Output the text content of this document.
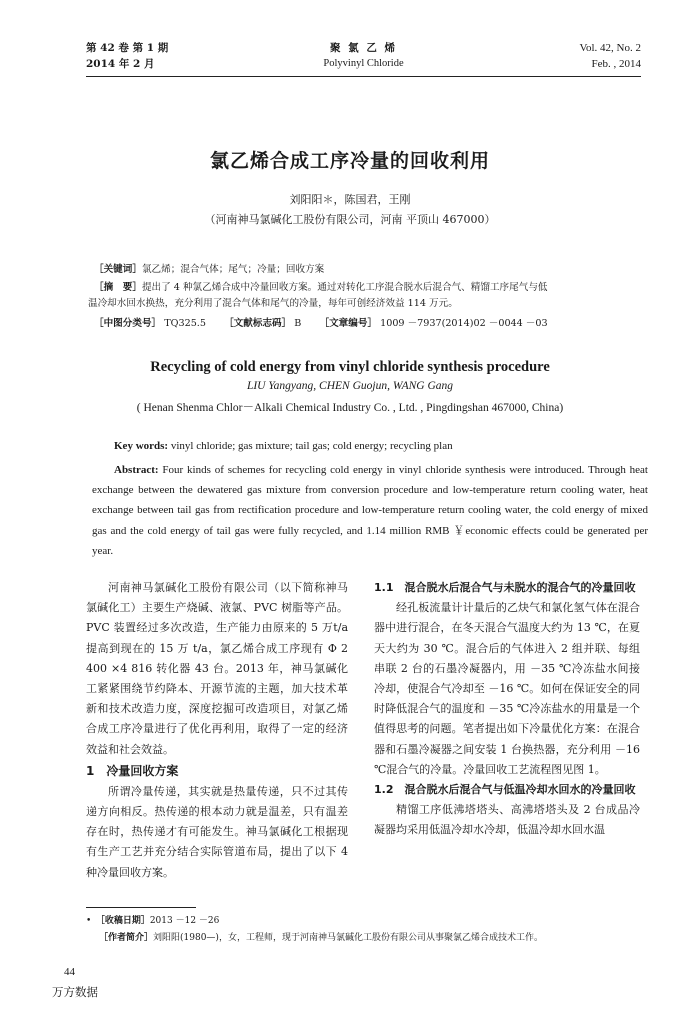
第 42 卷 第 1 期
2014 年 2 月
聚 氯 乙 烯
Polyvinyl Chloride
Vol. 42, No. 2
Feb. , 2014
氯乙烯合成工序冷量的回收利用
刘阳阳＊，陈国君，王刚
（河南神马氯碱化工股份有限公司，河南 平顶山 467000）
［关键词］氯乙烯；混合气体；尾气；冷量；回收方案
［摘　要］提出了 4 种氯乙烯合成中冷量回收方案。通过对转化工序混合脱水后混合气、精馏工序尾气与低
温冷却水回水换热，充分利用了混合气体和尾气的冷量，每年可创经济效益 114 万元。
［中图分类号］ TQ325.5 ［文献标志码］ B ［文章编号］ 1009 －7937(2014)02 －0044 －03
Recycling of cold energy from vinyl chloride synthesis procedure
LIU Yangyang, CHEN Guojun, WANG Gang
( Henan Shenma Chlor－Alkali Chemical Industry Co. , Ltd. , Pingdingshan 467000, China)
Key words: vinyl chloride; gas mixture; tail gas; cold energy; recycling plan
Abstract: Four kinds of schemes for recycling cold energy in vinyl chloride synthesis were introduced. Through heat exchange between the dewatered gas mixture from conversion procedure and low-temperature return cooling water, heat exchange between tail gas from rectification procedure and low-temperature return cooling water, the cold energy of mixed gas and the cold energy of tail gas were fully recycled, and 1.14 million RMB ￥economic effects could be generated per year.

河南神马氯碱化工股份有限公司（以下简称神马氯碱化工）主要生产烧碱、液氯、PVC 树脂等产品。PVC 装置经过多次改造，生产能力由原来的 5 万t/a 提高到现在的 15 万 t/a，氯乙烯合成工序现有 Φ 2 400 ×4 816 转化器 43 台。2013 年，神马氯碱化工紧紧围绕节约降本、开源节流的主题，加大技术革新和技术改造力度，深度挖掘可改造项目，对氯乙烯合成工序冷量进行了优化再利用，取得了一定的经济效益和社会效益。

1　冷量回收方案

所谓冷量传递，其实就是热量传递，只不过其传递方向相反。热传递的根本动力就是温差，只有温差存在时，热传递才有可能发生。神马氯碱化工根据现有生产工艺并充分结合实际管道布局，提出了以下 4 种冷量回收方案。

1.1　混合脱水后混合气与未脱水的混合气的冷量回收

经孔板流量计计量后的乙炔气和氯化氢气体在混合器中进行混合，在冬天混合气温度大约为 13 ℃，在夏天大约为 30 ℃。混合后的气体进入 2 组并联、每组串联 2 台的石墨冷凝器内，用 －35 ℃冷冻盐水间接冷却，使混合气冷却至 －16 ℃。如何在保证安全的同时降低混合气的温度和 －35 ℃冷冻盐水的用量是一个值得思考的问题。笔者提出如下冷量优化方案：在混合器和石墨冷凝器之间安装 1 台换热器，充分利用 －16 ℃混合气的冷量。冷量回收工艺流程图见图 1。

1.2　混合脱水后混合气与低温冷却水回水的冷量回收

精馏工序低沸塔塔头、高沸塔塔头及 2 台成品冷凝器均采用低温冷却水冷却，低温冷却水回水温

•　［收稿日期］2013 －12 －26
［作者简介］刘阳阳(1980—)，女，工程师，现于河南神马氯碱化工股份有限公司从事聚氯乙烯合成技术工作。
44
万方数据
